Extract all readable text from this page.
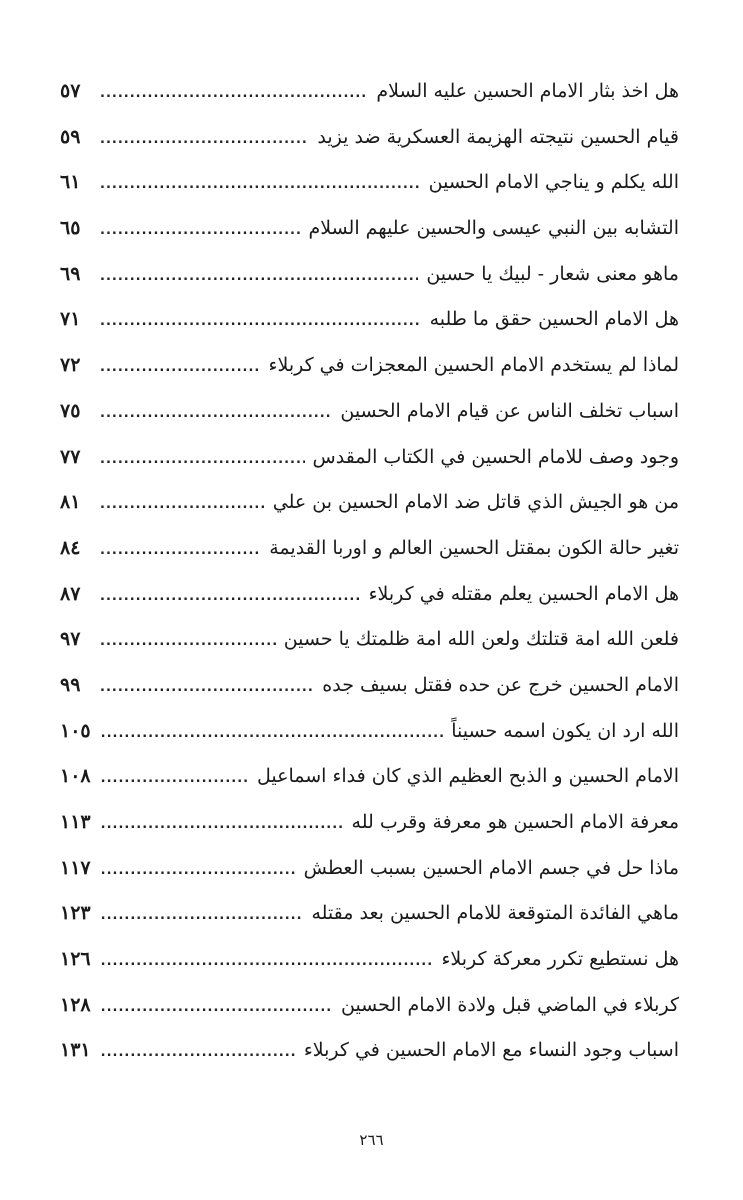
هل اخذ بثار الامام الحسين عليه السلام
.....
٥٧
قيام الحسين نتيجته الهزيمة العسكرية ضد يزيد
.....
٥٩
الله يكلم و يناجي الامام الحسين
.....
٦١
التشابه بين النبي عيسى والحسين عليهم السلام
.....
٦٥
ماهو معنى شعار - لبيك يا حسين
.....
٦٩
هل الامام الحسين حقق ما طلبه
.....
٧١
لماذا لم يستخدم الامام الحسين المعجزات في كربلاء
.....
٧٢
اسباب تخلف الناس عن قيام الامام الحسين
.....
٧٥
وجود وصف للامام الحسين في الكتاب المقدس
.....
٧٧
من هو الجيش الذي قاتل ضد الامام الحسين بن علي
.....
٨١
تغير حالة الكون بمقتل الحسين العالم و اوربا القديمة
.....
٨٤
هل الامام الحسين يعلم مقتله في كربلاء
.....
٨٧
فلعن الله امة قتلتك ولعن الله امة ظلمتك يا حسين
.....
٩٧
الامام الحسين خرج عن حده فقتل بسيف جده
.....
٩٩
الله ارد ان يكون اسمه حسيناً
.....
١٠٥
الامام الحسين و الذبح العظيم الذي كان فداء اسماعيل
.....
١٠٨
معرفة الامام الحسين هو معرفة وقرب لله
.....
١١٣
ماذا حل في جسم الامام الحسين بسبب العطش
.....
١١٧
ماهي الفائدة المتوقعة للامام الحسين بعد مقتله
.....
١٢٣
هل نستطيع تكرر معركة كربلاء
.....
١٢٦
كربلاء في الماضي قبل ولادة الامام الحسين
.....
١٢٨
اسباب وجود النساء مع الامام الحسين في كربلاء
.....
١٣١
٢٦٦
